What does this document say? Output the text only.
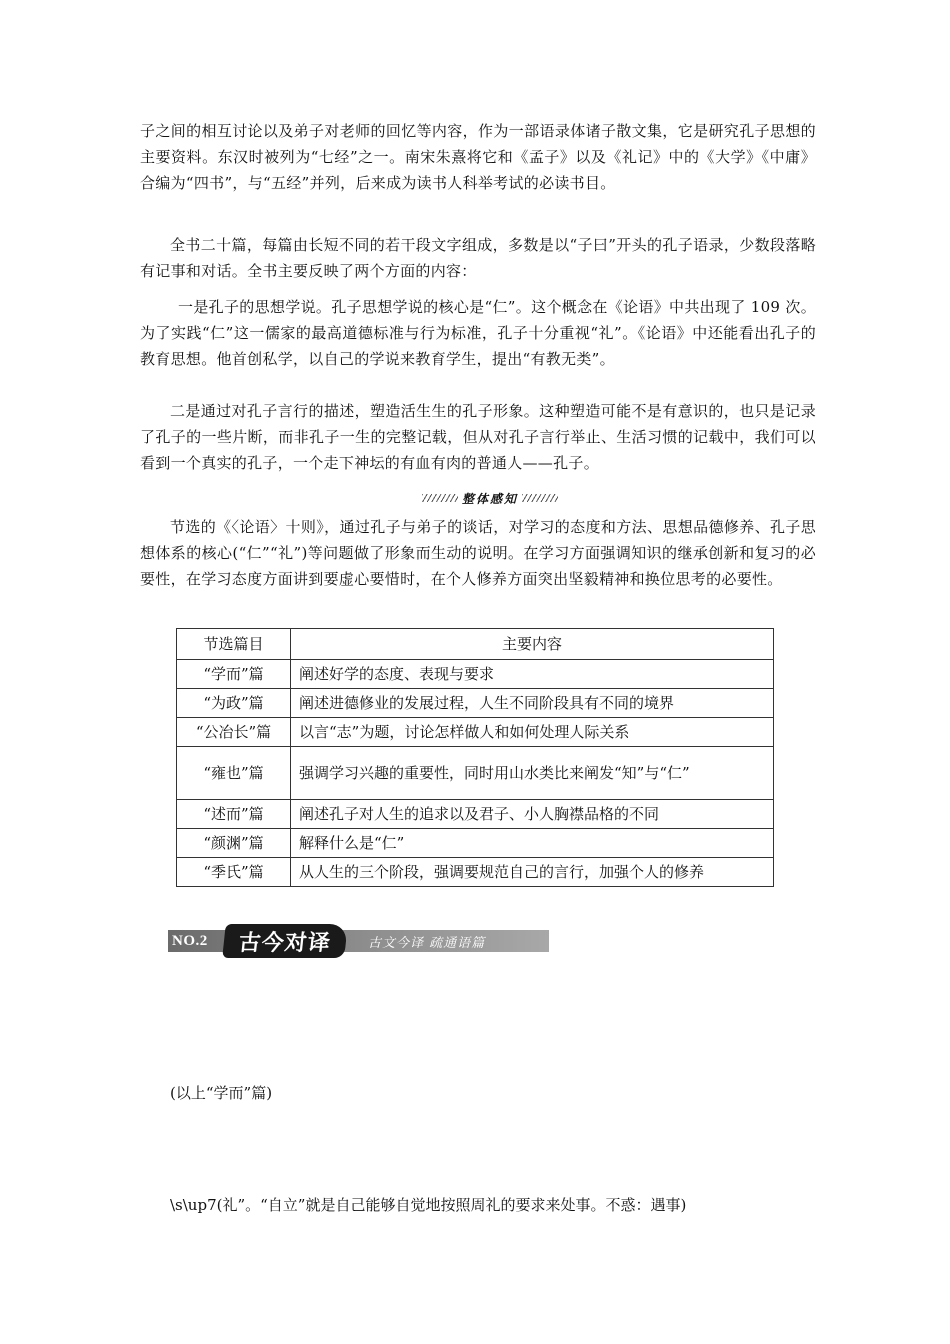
子之间的相互讨论以及弟子对老师的回忆等内容，作为一部语录体诸子散文集，它是研究孔子思想的主要资料。东汉时被列为“七经”之一。南宋朱熹将它和《孟子》以及《礼记》中的《大学》《中庸》合编为“四书”，与“五经”并列，后来成为读书人科举考试的必读书目。

全书二十篇，每篇由长短不同的若干段文字组成，多数是以“子曰”开头的孔子语录，少数段落略有记事和对话。全书主要反映了两个方面的内容：

一是孔子的思想学说。孔子思想学说的核心是“仁”。这个概念在《论语》中共出现了 109 次。为了实践“仁”这一儒家的最高道德标准与行为标准，孔子十分重视“礼”。《论语》中还能看出孔子的教育思想。他首创私学，以自己的学说来教育学生，提出“有教无类”。

二是通过对孔子言行的描述，塑造活生生的孔子形象。这种塑造可能不是有意识的，也只是记录了孔子的一些片断，而非孔子一生的完整记载，但从对孔子言行举止、生活习惯的记载中，我们可以看到一个真实的孔子，一个走下神坛的有血有肉的普通人——孔子。

整体感知

节选的《〈论语〉十则》，通过孔子与弟子的谈话，对学习的态度和方法、思想品德修养、孔子思想体系的核心(“仁”“礼”)等问题做了形象而生动的说明。在学习方面强调知识的继承创新和复习的必要性，在学习态度方面讲到要虚心要惜时，在个人修养方面突出坚毅精神和换位思考的必要性。

节选篇目	主要内容
“学而”篇	阐述好学的态度、表现与要求
“为政”篇	阐述进德修业的发展过程，人生不同阶段具有不同的境界
“公冶长”篇	以言“志”为题，讨论怎样做人和如何处理人际关系
“雍也”篇	强调学习兴趣的重要性，同时用山水类比来阐发“知”与“仁”
“述而”篇	阐述孔子对人生的追求以及君子、小人胸襟品格的不同
“颜渊”篇	解释什么是“仁”
“季氏”篇	从人生的三个阶段，强调要规范自己的言行，加强个人的修养
NO.2	古今对译	古文今译 疏通语篇

(以上“学而”篇)

\s\up7(礼”。“自立”就是自己能够自觉地按照周礼的要求来处事。不惑：遇事)
